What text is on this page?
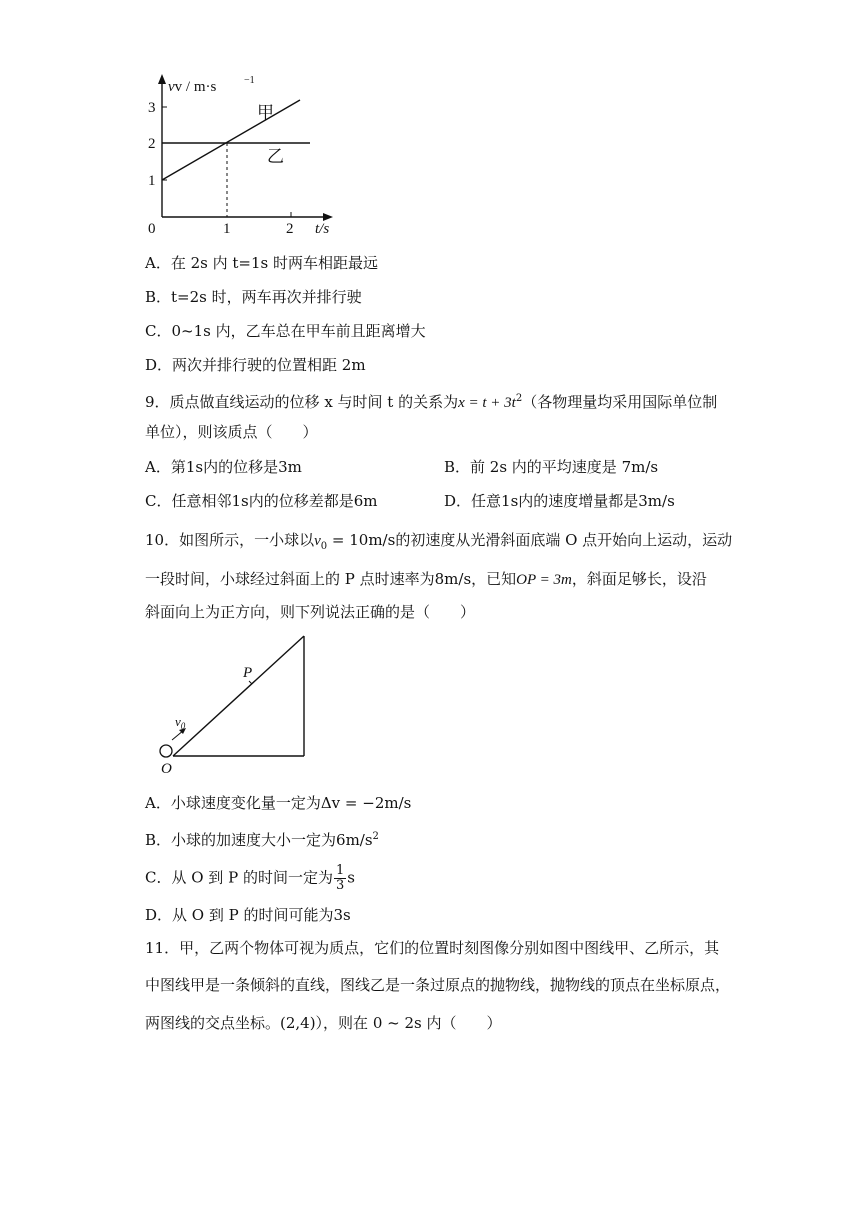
vv / m·s	−1
3
2
1
0	1	2 t/s
甲
乙
A．在 2s 内 t=1s 时两车相距最远
B．t=2s 时，两车再次并排行驶
C．0~1s 内，乙车总在甲车前且距离增大
D．两次并排行驶的位置相距 2m
9．质点做直线运动的位移 x 与时间 t 的关系为$x = t + 3t^2$（各物理量均采用国际单位制
单位），则该质点（　　）
A．第1s内的位移是3m	B．前 2s 内的平均速度是 7m/s
C．任意相邻1s内的位移差都是6m	D．任意1s内的速度增量都是3m/s
10．如图所示，一小球以$v_0 = 10m/s$的初速度从光滑斜面底端 O 点开始向上运动，运动
一段时间，小球经过斜面上的 P 点时速率为8m/s，已知OP = 3m，斜面足够长，设沿
斜面向上为正方向，则下列说法正确的是（　　）
P
$v_0$
O
A．小球速度变化量一定为Δv = −2m/s
B．小球的加速度大小一定为$6m/s^2$
C．从 O 到 P 的时间一定为 $\frac{1}{3}$ s
D．从 O 到 P 的时间可能为3s
11．甲，乙两个物体可视为质点，它们的位置时刻图像分别如图中图线甲、乙所示，其
中图线甲是一条倾斜的直线，图线乙是一条过原点的抛物线，抛物线的顶点在坐标原点，
两图线的交点坐标。(2,4)），则在 0 ~ 2s 内（　　）
